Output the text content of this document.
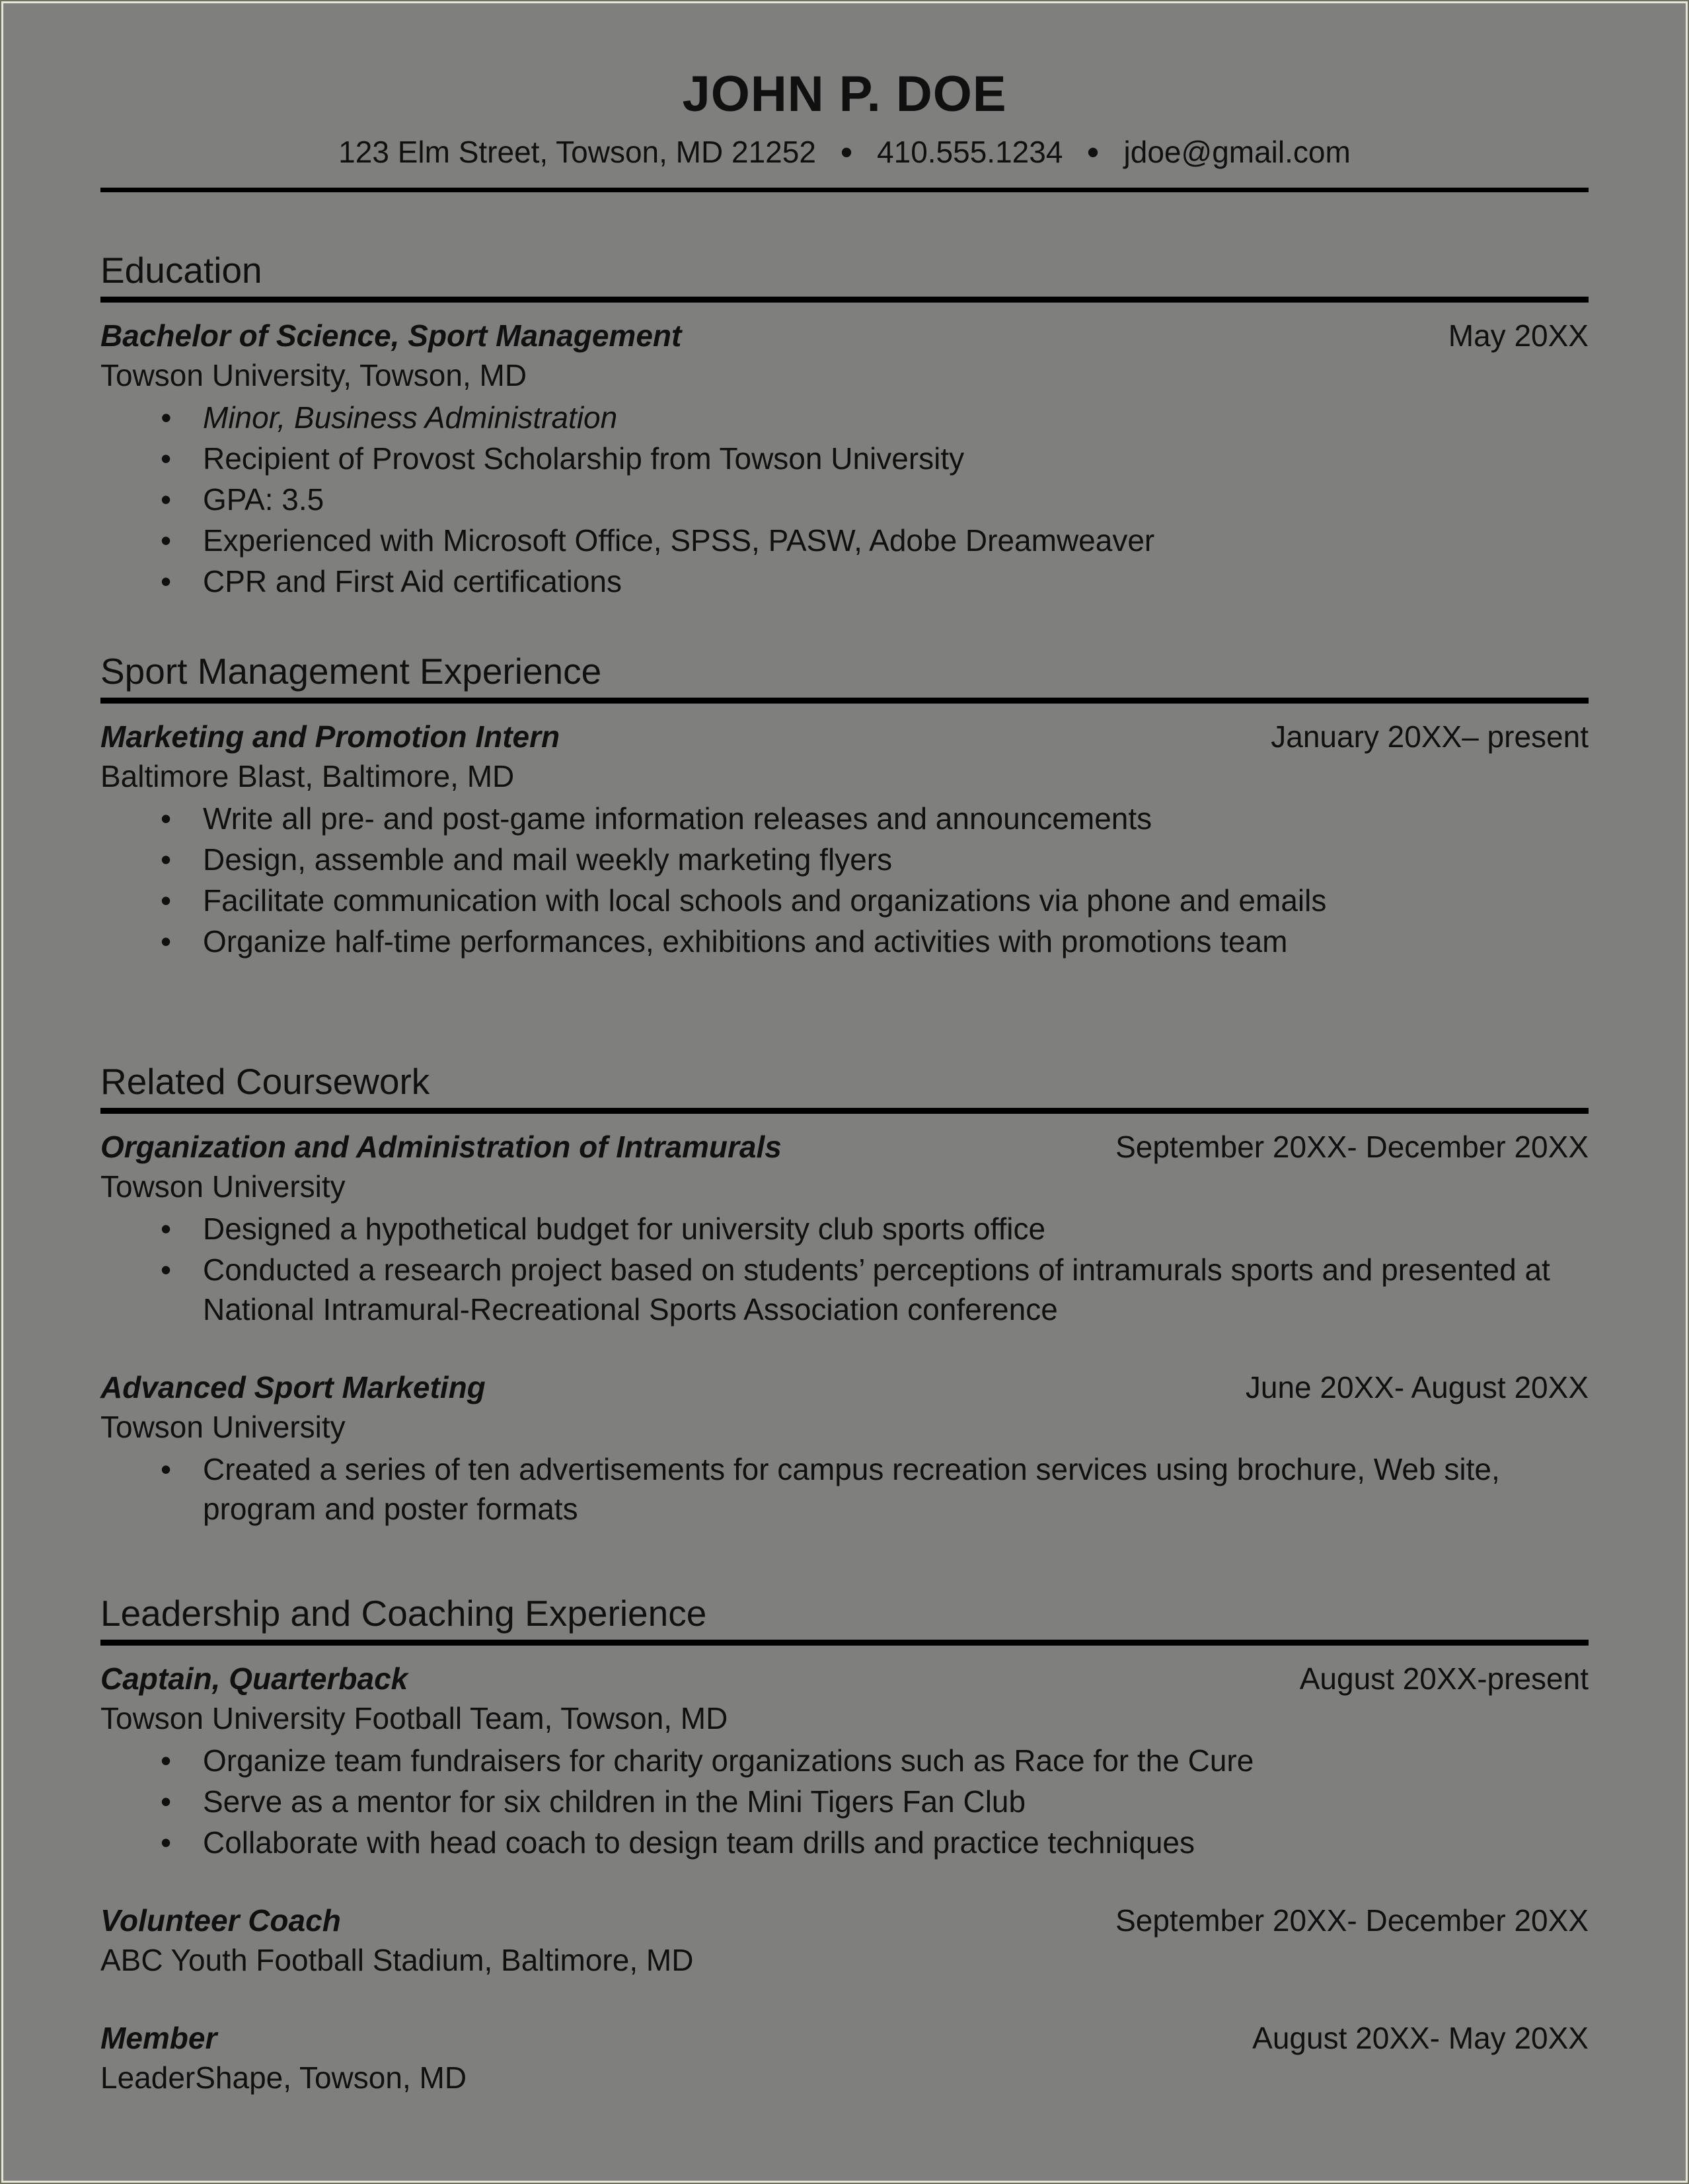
JOHN P. DOE
123 Elm Street, Towson, MD 21252 • 410.555.1234 • jdoe@gmail.com
Education
Bachelor of Science, Sport Management	May 20XX
Towson University, Towson, MD
• Minor, Business Administration
• Recipient of Provost Scholarship from Towson University
• GPA: 3.5
• Experienced with Microsoft Office, SPSS, PASW, Adobe Dreamweaver
• CPR and First Aid certifications
Sport Management Experience
Marketing and Promotion Intern	January 20XX– present
Baltimore Blast, Baltimore, MD
• Write all pre- and post-game information releases and announcements
• Design, assemble and mail weekly marketing flyers
• Facilitate communication with local schools and organizations via phone and emails
• Organize half-time performances, exhibitions and activities with promotions team
Related Coursework
Organization and Administration of Intramurals	September 20XX- December 20XX
Towson University
• Designed a hypothetical budget for university club sports office
• Conducted a research project based on students’ perceptions of intramurals sports and presented at National Intramural-Recreational Sports Association conference
Advanced Sport Marketing	June 20XX- August 20XX
Towson University
• Created a series of ten advertisements for campus recreation services using brochure, Web site, program and poster formats
Leadership and Coaching Experience
Captain, Quarterback	August 20XX-present
Towson University Football Team, Towson, MD
• Organize team fundraisers for charity organizations such as Race for the Cure
• Serve as a mentor for six children in the Mini Tigers Fan Club
• Collaborate with head coach to design team drills and practice techniques
Volunteer Coach	September 20XX- December 20XX
ABC Youth Football Stadium, Baltimore, MD
Member	August 20XX- May 20XX
LeaderShape, Towson, MD
